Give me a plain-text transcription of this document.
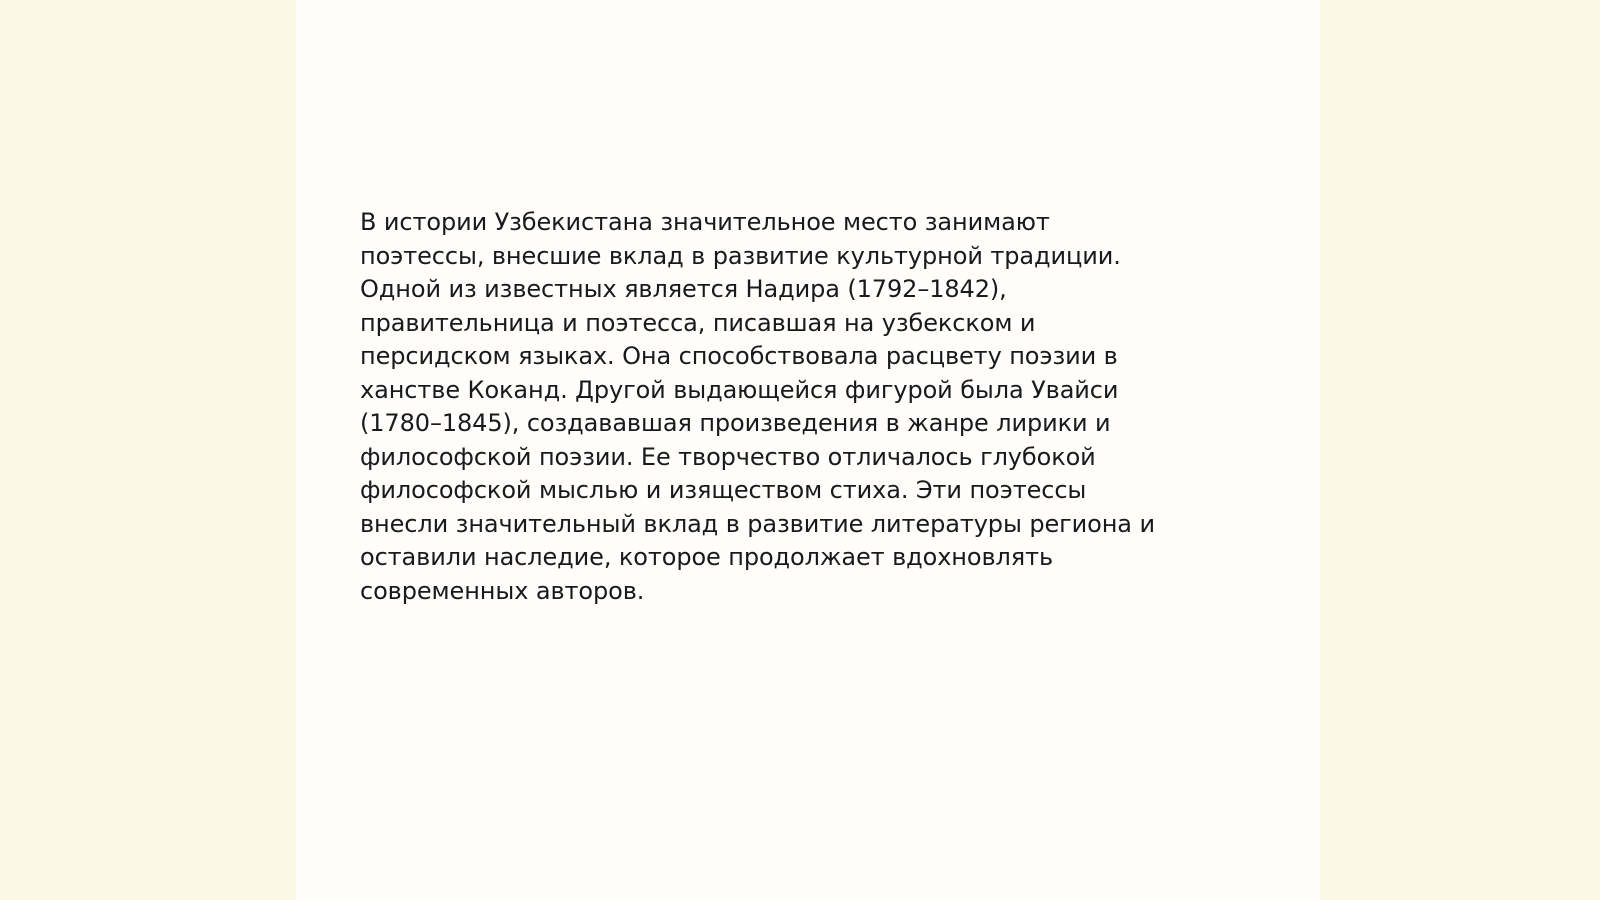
В истории Узбекистана значительное место занимают
поэтессы, внесшие вклад в развитие культурной традиции.
Одной из известных является Надира (1792–1842),
правительница и поэтесса, писавшая на узбекском и
персидском языках. Она способствовала расцвету поэзии в
ханстве Коканд. Другой выдающейся фигурой была Увайси
(1780–1845), создававшая произведения в жанре лирики и
философской поэзии. Ее творчество отличалось глубокой
философской мыслью и изяществом стиха. Эти поэтессы
внесли значительный вклад в развитие литературы региона и
оставили наследие, которое продолжает вдохновлять
современных авторов.
